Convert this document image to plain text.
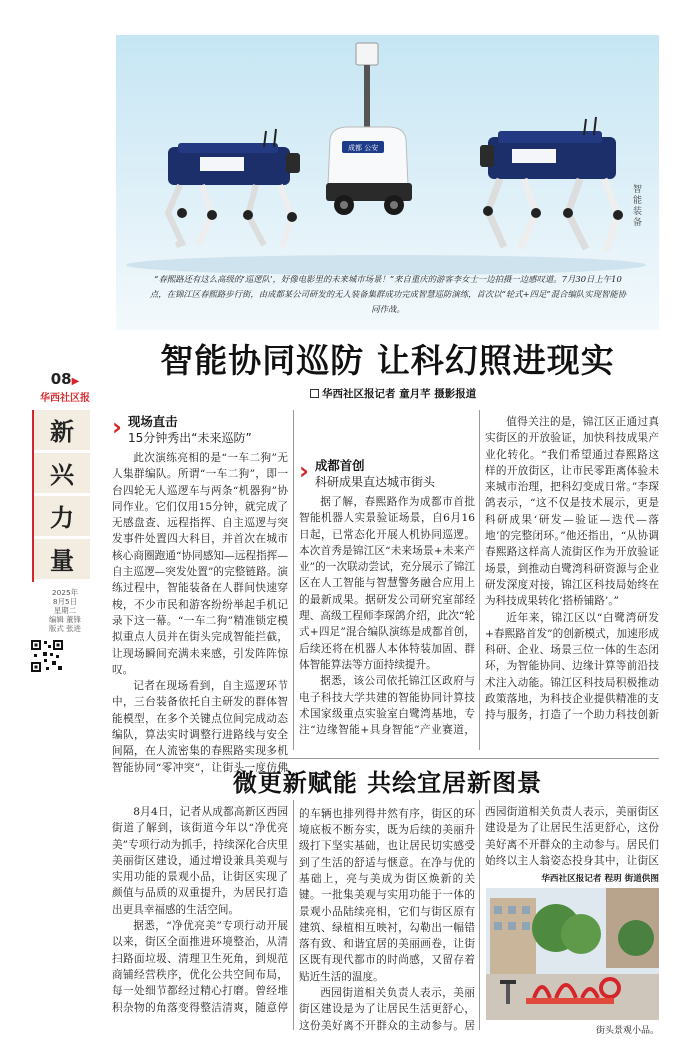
成都 公安
智能装备
“春熙路还有这么高级的‘巡逻队’，好像电影里的未来城市场景！”来自重庆的游客李女士一边拍摄一边感叹道。7月30日上午10点，在锦江区春熙路步行街，由成都某公司研发的无人装备集群成功完成智慧巡防演练，首次以“轮式+四足”混合编队实现智能协同作战。
智能协同巡防 让科幻照进现实
华西社区报记者 童月芊 摄影报道
08▶
华西社区报
新
兴
力
量
2025年
8月5日
星期二
编辑 董锋
版式 张进
› 现场直击
15分钟秀出“未来巡防”

此次演练亮相的是“一车二狗”无人集群编队。所谓“一车二狗”，即一台四轮无人巡逻车与两条“机器狗”协同作业。它们仅用15分钟，就完成了无感盘查、远程指挥、自主巡逻与突发事件处置四大科目，并首次在城市核心商圈跑通“协同感知—远程指挥—自主巡逻—突发处置”的完整链路。演练过程中，智能装备在人群间快速穿梭，不少市民和游客纷纷举起手机记录下这一幕。“一车二狗”精准锁定模拟重点人员并在街头完成智能拦截，让现场瞬间充满未来感，引发阵阵惊叹。

记者在现场看到，自主巡逻环节中，三台装备依托自主研发的群体智能模型，在多个关键点位间完成动态编队，算法实时调整行进路线与安全间隔，在人流密集的春熙路实现多机智能协同“零冲突”，让街头一度仿佛

› 成都首创
科研成果直达城市街头

据了解，春熙路作为成都市首批智能机器人实景验证场景，自6月16日起，已常态化开展人机协同巡逻。本次首秀是锦江区“未来场景+未来产业”的一次联动尝试，充分展示了锦江区在人工智能与智慧警务融合应用上的最新成果。据研发公司研究室部经理、高级工程师李琛鸽介绍，此次“轮式+四足”混合编队演练是成都首创，后续还将在机器人本体特装加固、群体智能算法等方面持续提升。

据悉，该公司依托锦江区政府与电子科技大学共建的智能协同计算技术国家级重点实验室白鹭湾基地，专注“边缘智能+具身智能”产业赛道，

值得关注的是，锦江区正通过真实街区的开放验证，加快科技成果产业化转化。“我们希望通过春熙路这样的开放街区，让市民零距离体验未来城市治理，把科幻变成日常。”李琛鸽表示，“这不仅是技术展示，更是科研成果‘研发—验证—迭代—落地’的完整闭环。”他还指出，“从协调春熙路这样高人流街区作为开放验证场景，到推动白鹭湾科研资源与企业研发深度对接，锦江区科技局始终在为科技成果转化‘搭桥铺路’。”

近年来，锦江区以“白鹭湾研发+春熙路首发”的创新模式，加速形成科研、企业、场景三位一体的生态闭环，为智能协同、边缘计算等前沿技术注入动能。锦江区科技局积极推动政策落地，为科技企业提供精准的支持与服务，打造了一个助力科技创新

微更新赋能 共绘宜居新图景

8月4日，记者从成都高新区西园街道了解到，该街道今年以“净优亮美”专项行动为抓手，持续深化合庆里美丽街区建设，通过增设兼具美观与实用功能的景观小品，让街区实现了颜值与品质的双重提升，为居民打造出更具幸福感的生活空间。

据悉，“净优亮美”专项行动开展以来，街区全面推进环境整治，从清扫路面垃圾、清理卫生死角，到规范商铺经营秩序，优化公共空间布局，每一处细节都经过精心打磨。曾经堆积杂物的角落变得整洁清爽，随意停

的车辆也排列得井然有序，街区的环境底板不断夯实，既为后续的美丽升级打下坚实基础，也让居民切实感受到了生活的舒适与惬意。在净与优的基础上，亮与美成为街区焕新的关键。一批集美观与实用功能于一体的景观小品陆续亮相，它们与街区原有建筑、绿植相互映衬，勾勒出一幅错落有致、和谐宜居的美丽画卷，让街区既有现代都市的时尚感，又留存着贴近生活的温度。

西园街道相关负责人表示，美丽街区建设是为了让居民生活更舒心，这份美好离不开群众的主动参与。居

西园街道相关负责人表示，美丽街区建设是为了让居民生活更舒心，这份美好离不开群众的主动参与。居民们始终以主人翁姿态投身其中，让街区

华西社区报记者 程玥 街道供图
街头景观小品。
